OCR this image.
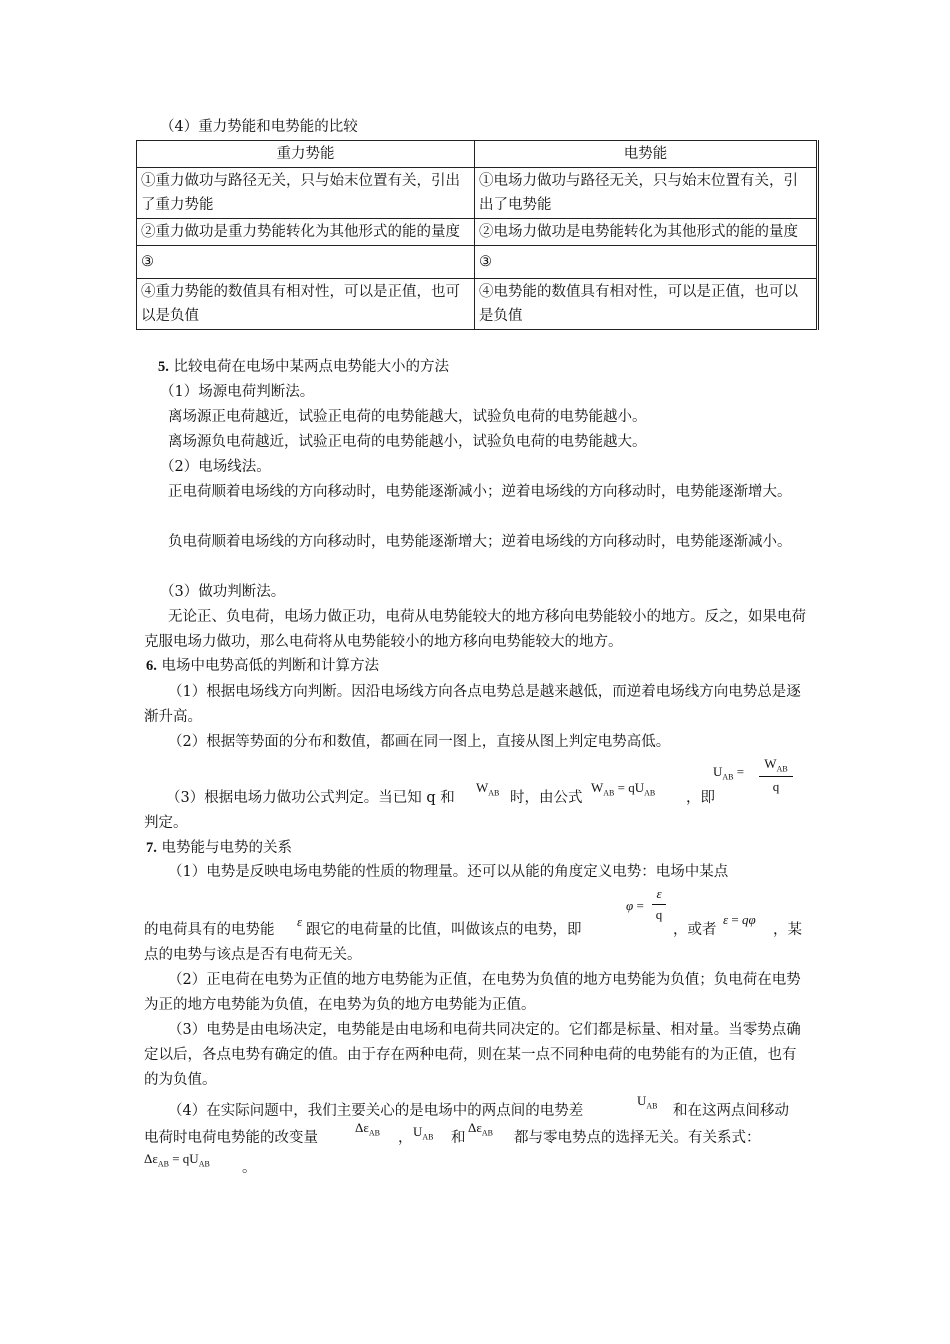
（4）重力势能和电势能的比较

重力势能	电势能
①重力做功与路径无关，只与始末位置有关，引出了重力势能	①电场力做功与路径无关，只与始末位置有关，引出了电势能
②重力做功是重力势能转化为其他形式的能的量度	②电场力做功是电势能转化为其他形式的能的量度
③	③
④重力势能的数值具有相对性，可以是正值，也可以是负值	④电势能的数值具有相对性，可以是正值，也可以是负值

5. 比较电荷在电场中某两点电势能大小的方法

（1）场源电荷判断法。

离场源正电荷越近，试验正电荷的电势能越大，试验负电荷的电势能越小。

离场源负电荷越近，试验正电荷的电势能越小，试验负电荷的电势能越大。

（2）电场线法。

正电荷顺着电场线的方向移动时，电势能逐渐减小；逆着电场线的方向移动时，电势能逐渐增大。

负电荷顺着电场线的方向移动时，电势能逐渐增大；逆着电场线的方向移动时，电势能逐渐减小。

（3）做功判断法。

无论正、负电荷，电场力做正功，电荷从电势能较大的地方移向电势能较小的地方。反之，如果电荷克服电场力做功，那么电荷将从电势能较小的地方移向电势能较大的地方。

6. 电场中电势高低的判断和计算方法

（1）根据电场线方向判断。因沿电场线方向各点电势总是越来越低，而逆着电场线方向电势总是逐渐升高。

（2）根据等势面的分布和数值，都画在同一图上，直接从图上判定电势高低。

（3）根据电场力做功公式判定。当已知 q 和
$W_{AB}$ 时，由公式
$W_{AB} = qU_{AB}$ ，即
$U_{AB}$ =
$W_{AB}$
q

判定。

7. 电势能与电势的关系

（1）电势是反映电场电势能的性质的物理量。还可以从能的角度定义电势：电场中某点

的电荷具有的电势能
ε
跟它的电荷量的比值，叫做该点的电势，即
φ =
ε
q
，或者
ε = qφ
，某

点的电势与该点是否有电荷无关。

（2）正电荷在电势为正值的地方电势能为正值，在电势为负值的地方电势能为负值；负电荷在电势为正的地方电势能为负值，在电势为负的地方电势能为正值。

（3）电势是由电场决定，电势能是由电场和电荷共同决定的。它们都是标量、相对量。当零势点确定以后，各点电势有确定的值。由于存在两种电荷，则在某一点不同种电荷的电势能有的为正值，也有的为负值。

（4）在实际问题中，我们主要关心的是电场中的两点间的电势差
$U_{AB}$ 和在这两点间移动
电荷时电荷电势能的改变量
$\Delta\varepsilon_{AB}$ ， $U_{AB}$ 和
$\Delta\varepsilon_{AB}$ 都与零电势点的选择无关。有关系式：
$\Delta\varepsilon_{AB} = qU_{AB}$ 。
